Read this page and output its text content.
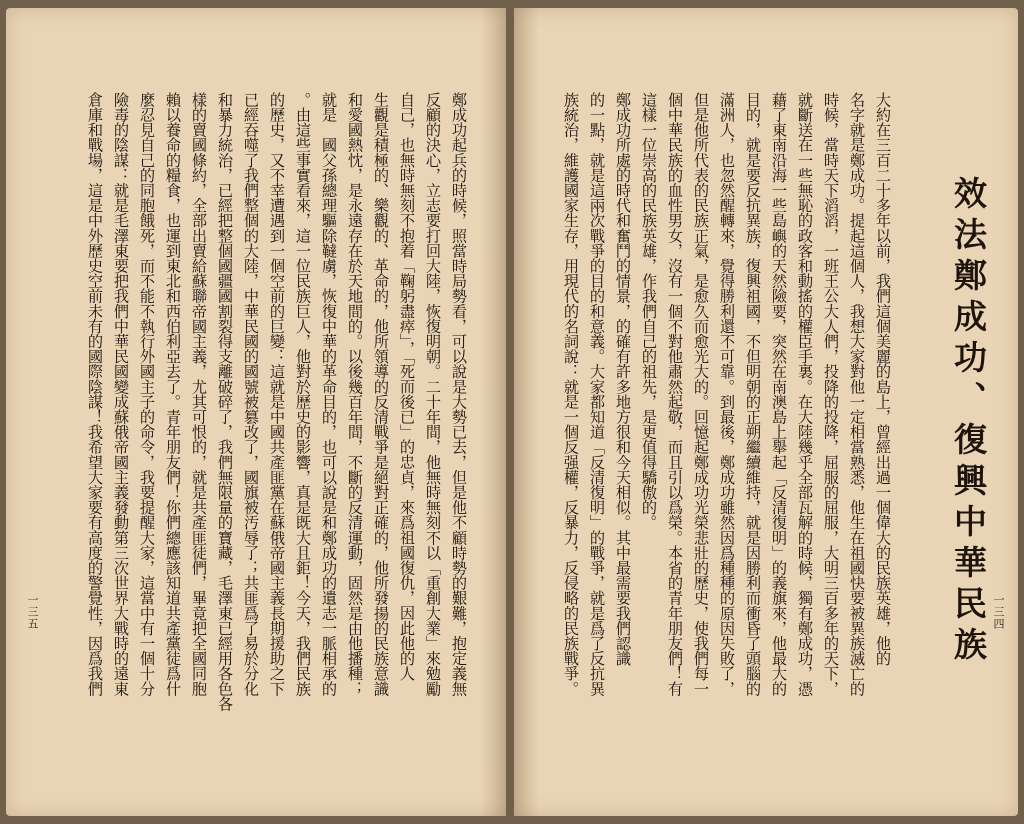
鄭成功起兵的時候，照當時局勢看，可以說是大勢已去，但是他不顧時勢的艱難，抱定義無
反顧的決心，立志要打回大陸，恢復明朝。二十年間，他無時無刻不以「重創大業」來勉勵
自己，也無時無刻不抱着「鞠躬盡瘁」，「死而後已」的忠貞，來爲祖國復仇，因此他的人
生觀是積極的、樂觀的、革命的，他所領導的反清戰爭是絕對正確的，他所發揚的民族意識
和愛國熱忱，是永遠存在於天地間的。以後幾百年間，不斷的反清運動，固然是由他播種；
就是　國父孫總理驅除韃虜，恢復中華的革命目的，也可以說是和鄭成功的遺志一脈相承的
。由這些事實看來，這一位民族巨人，他對於歷史的影響，真是既大且鉅！今天，我們民族
的歷史，又不幸遭遇到一個空前的巨變：這就是中國共產匪黨在蘇俄帝國主義長期援助之下
已經吞噬了我們整個的大陸，中華民國的國號被篡改了，國旗被汚辱了；共匪爲了易於分化
和暴力統治，已經把整個國疆國割裂得支離破碎了，我們無限量的寶藏，毛澤東已經用各色各
樣的賣國條約，全部出賣給蘇聯帝國主義，尤其可恨的，就是共產匪徒們，畢竟把全國同胞
賴以養命的糧食，也運到東北和西伯利亞去了。青年朋友們！你們總應該知道共產黨徒爲什
麼忍見自己的同胞餓死，而不能不執行外國主子的命令，我要提醒大家，這當中有一個十分
險毒的陰謀：就是毛澤東要把我們中華民國變成蘇俄帝國主義發動第三次世界大戰時的遠東
倉庫和戰場，這是中外歷史空前未有的國際陰謀！我希望大家要有高度的警覺性，因爲我們
一三五	效法鄭成功、復興中華民族
大約在三百二十多年以前，我們這個美麗的島上，曾經出過一個偉大的民族英雄，他的
名字就是鄭成功。提起這個人，我想大家對他一定相當熟悉，他生在祖國快要被異族滅亡的
時候，當時天下滔滔，一班王公大人們，投降的投降，屈服的屈服，大明三百多年的天下，
就斷送在一些無恥的政客和動搖的權臣手裏。在大陸幾乎全部瓦解的時候，獨有鄭成功，憑
藉了東南沿海一些島嶼的天然險要，突然在南澳島上舉起「反清復明」的義旗來，他最大的
目的，就是要反抗異族，復興祖國，不但明朝的正朔繼續維持，就是因勝利而衝昏了頭腦的
滿洲人，也忽然醒轉來，覺得勝利還不可靠。到最後，鄭成功雖然因爲種種的原因失敗了，
但是他所代表的民族正氣，是愈久而愈光大的。回憶起鄭成功光榮悲壯的歷史，使我們每一
個中華民族的血性男女，沒有一個不對他肅然起敬，而且引以爲榮。本省的青年朋友們！有
這樣一位崇高的民族英雄，作我們自己的祖先，是更值得驕傲的。
鄭成功所處的時代和奮鬥的情景，的確有許多地方很和今天相似。其中最需要我們認識
的一點，就是這兩次戰爭的目的和意義。大家都知道「反清復明」的戰爭，就是爲了反抗異
族統治，維護國家生存，用現代的名詞說：就是一個反强權，反暴力，反侵略的民族戰爭。	一三四
